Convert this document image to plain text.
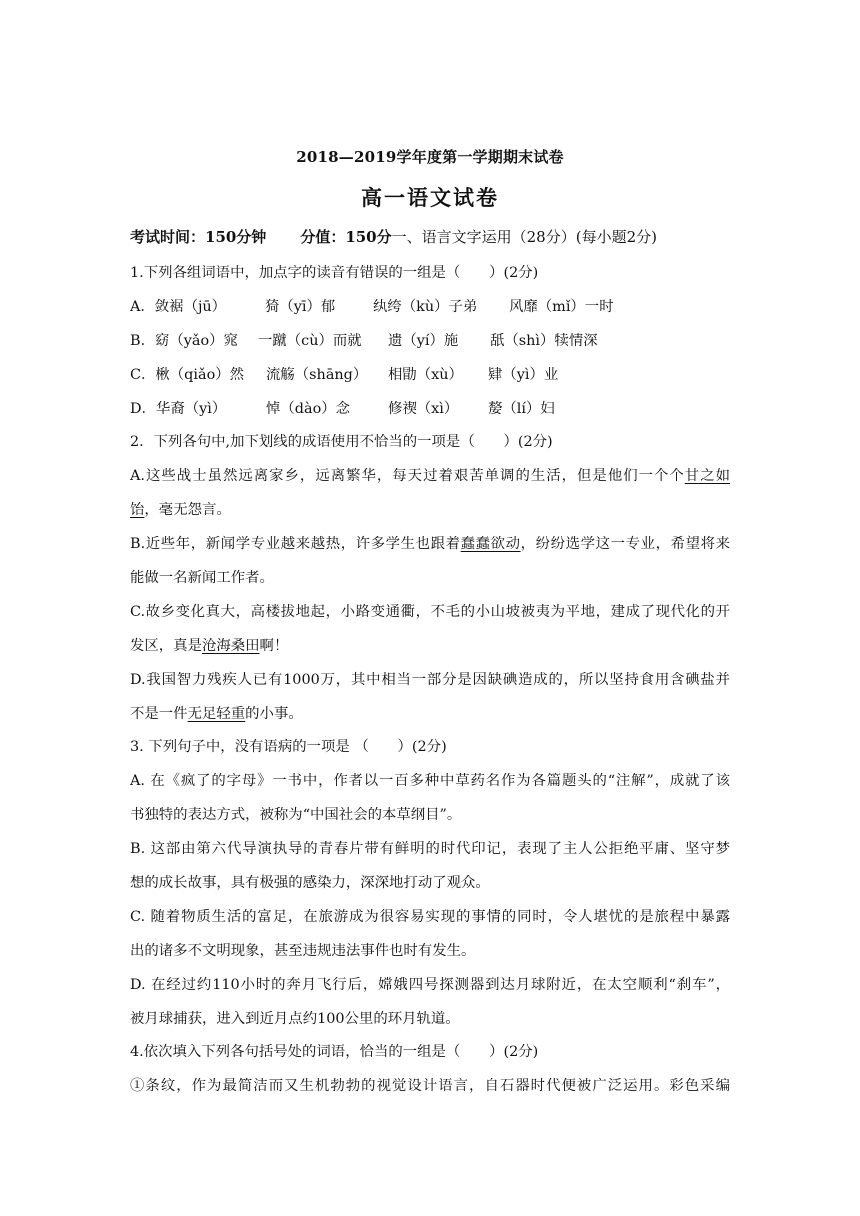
2018—2019学年度第一学期期末试卷
高一语文试卷
考试时间：150分钟 分值：150分一、语言文字运用（28分）(每小题2分)
1.下列各组词语中，加点字的读音有错误的一组是（　　）(2分)
A．敛裾（jū）	猗（yī）郁	纨绔（kù）子弟 风靡（mǐ）一时
B．窈（yǎo）窕 一蹴（cù）而就 遗（yí）施 舐（shì）犊情深
C．楸（qiǎo）然 流觞（shāng） 相勖（xù） 肄（yì）业
D．华裔（yì）	悼（dào）念	修禊（xì） 嫠（lí）妇
2．下列各句中,加下划线的成语使用不恰当的一项是（　　）(2分)
A.这些战士虽然远离家乡，远离繁华，每天过着艰苦单调的生活，但是他们一个个甘之如
饴，毫无怨言。
B.近些年，新闻学专业越来越热，许多学生也跟着蠢蠢欲动，纷纷选学这一专业，希望将来
能做一名新闻工作者。
C.故乡变化真大，高楼拔地起，小路变通衢，不毛的小山坡被夷为平地，建成了现代化的开
发区，真是沧海桑田啊！
D.我国智力残疾人已有1000万，其中相当一部分是因缺碘造成的，所以坚持食用含碘盐并
不是一件无足轻重的小事。
3. 下列句子中，没有语病的一项是 （　　）(2分)
A. 在《疯了的字母》一书中，作者以一百多种中草药名作为各篇题头的“注解”，成就了该
书独特的表达方式，被称为“中国社会的本草纲目”。
B. 这部由第六代导演执导的青春片带有鲜明的时代印记，表现了主人公拒绝平庸、坚守梦
想的成长故事，具有极强的感染力，深深地打动了观众。
C. 随着物质生活的富足，在旅游成为很容易实现的事情的同时，令人堪忧的是旅程中暴露
出的诸多不文明现象，甚至违规违法事件也时有发生。
D. 在经过约110小时的奔月飞行后，嫦娥四号探测器到达月球附近，在太空顺利“刹车”，
被月球捕获，进入到近月点约100公里的环月轨道。
4.依次填入下列各句括号处的词语，恰当的一组是（　　）(2分)
①条纹，作为最简洁而又生机勃勃的视觉设计语言，自石器时代便被广泛运用。彩色采编
